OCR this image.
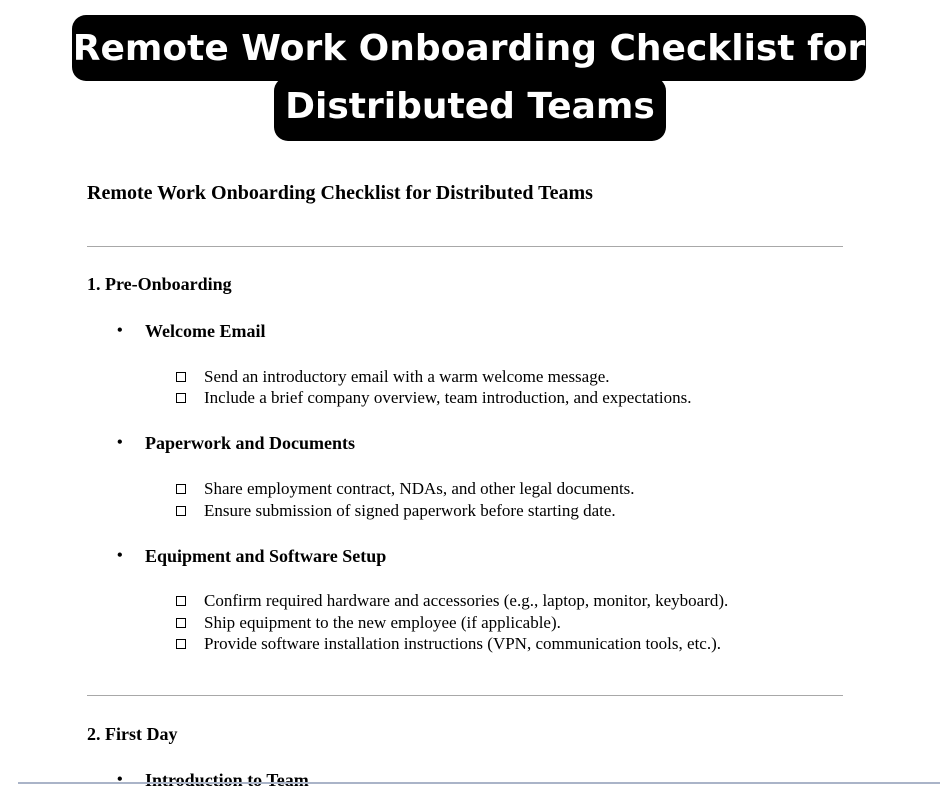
Remote Work Onboarding Checklist for
Distributed Teams
Remote Work Onboarding Checklist for Distributed Teams
1. Pre-Onboarding
• Welcome Email
Send an introductory email with a warm welcome message.
Include a brief company overview, team introduction, and expectations.
• Paperwork and Documents
Share employment contract, NDAs, and other legal documents.
Ensure submission of signed paperwork before starting date.
• Equipment and Software Setup
Confirm required hardware and accessories (e.g., laptop, monitor, keyboard).
Ship equipment to the new employee (if applicable).
Provide software installation instructions (VPN, communication tools, etc.).
2. First Day
• Introduction to Team
